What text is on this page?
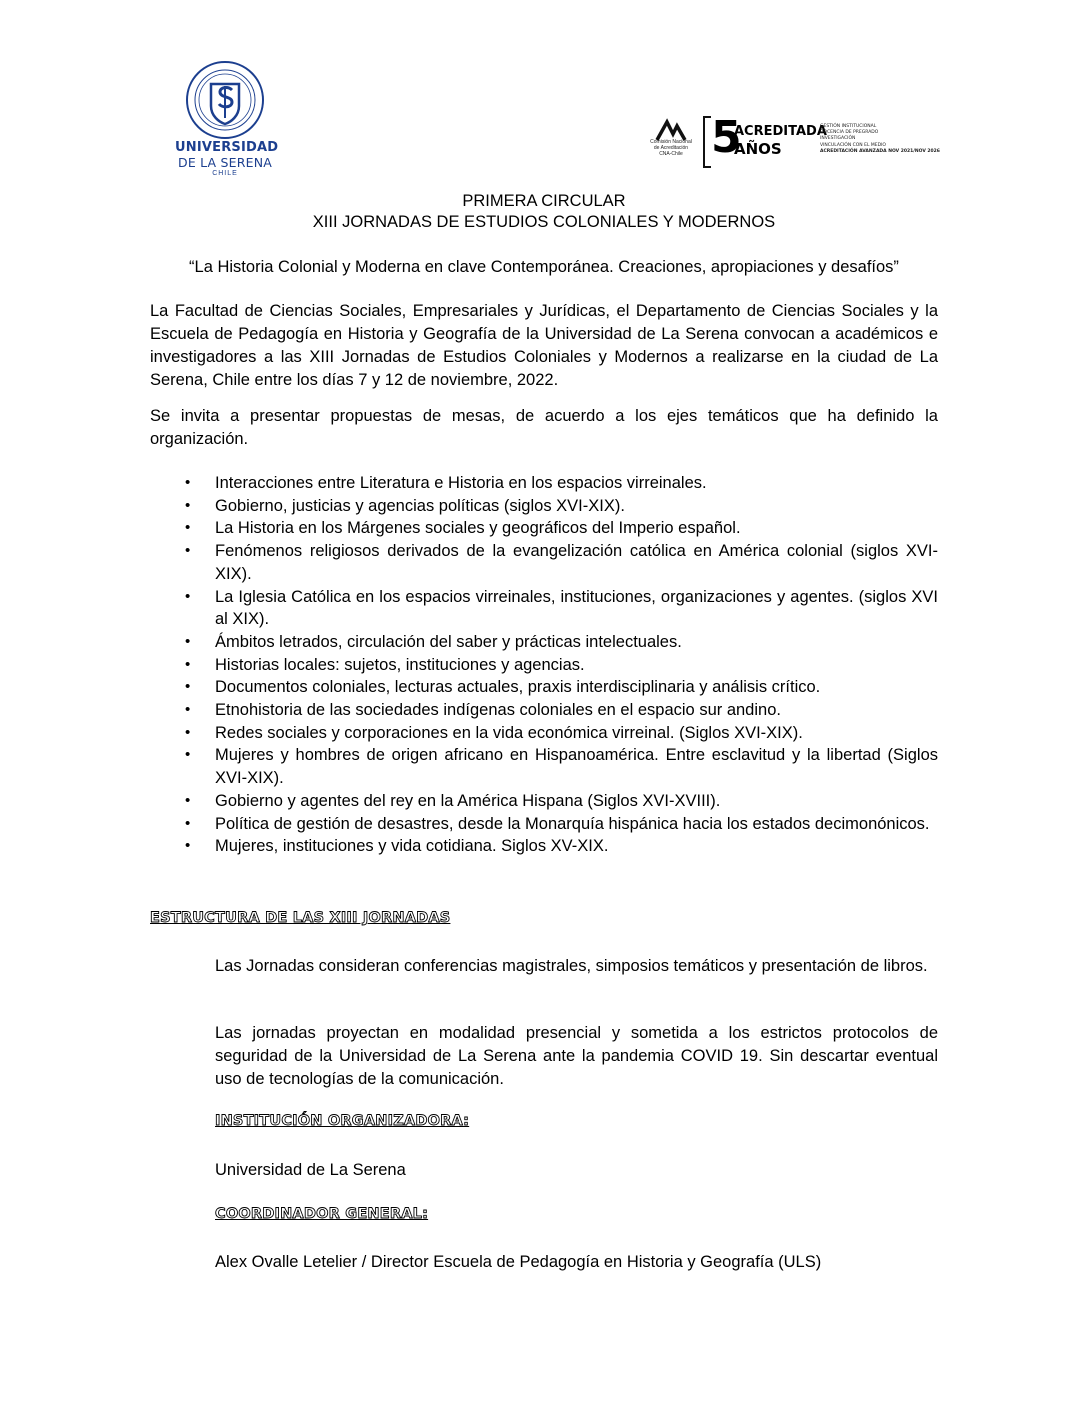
UNIVERSIDAD
DE LA SERENA
CHILE
Comisión Nacional
de Acreditación
CNA-Chile 5
ACREDITADA
AÑOS
GESTIÓN INSTITUCIONAL
DOCENCIA DE PREGRADO
INVESTIGACIÓN
VINCULACIÓN CON EL MEDIO
ACREDITACIÓN AVANZADA NOV 2021/NOV 2026
PRIMERA CIRCULAR
XIII JORNADAS DE ESTUDIOS COLONIALES Y MODERNOS
“La Historia Colonial y Moderna en clave Contemporánea. Creaciones, apropiaciones y desafíos”
La Facultad de Ciencias Sociales, Empresariales y Jurídicas, el Departamento de Ciencias Sociales y la Escuela de Pedagogía en Historia y Geografía de la Universidad de La Serena convocan a académicos e investigadores a las XIII Jornadas de Estudios Coloniales y Modernos a realizarse en la ciudad de La Serena, Chile entre los días 7 y 12 de noviembre, 2022.
Se invita a presentar propuestas de mesas, de acuerdo a los ejes temáticos que ha definido la organización.
• Interacciones entre Literatura e Historia en los espacios virreinales.
• Gobierno, justicias y agencias políticas (siglos XVI-XIX).
• La Historia en los Márgenes sociales y geográficos del Imperio español.
• Fenómenos religiosos derivados de la evangelización católica en América colonial (siglos XVI-XIX).
• La Iglesia Católica en los espacios virreinales, instituciones, organizaciones y agentes. (siglos XVI al XIX).
• Ámbitos letrados, circulación del saber y prácticas intelectuales.
• Historias locales: sujetos, instituciones y agencias.
• Documentos coloniales, lecturas actuales, praxis interdisciplinaria y análisis crítico.
• Etnohistoria de las sociedades indígenas coloniales en el espacio sur andino.
• Redes sociales y corporaciones en la vida económica virreinal. (Siglos XVI-XIX).
• Mujeres y hombres de origen africano en Hispanoamérica. Entre esclavitud y la libertad (Siglos XVI-XIX).
• Gobierno y agentes del rey en la América Hispana (Siglos XVI-XVIII).
• Política de gestión de desastres, desde la Monarquía hispánica hacia los estados decimonónicos.
• Mujeres, instituciones y vida cotidiana. Siglos XV-XIX.
ESTRUCTURA DE LAS XIII JORNADAS
Las Jornadas consideran conferencias magistrales, simposios temáticos y presentación de libros.
Las jornadas proyectan en modalidad presencial y sometida a los estrictos protocolos de seguridad de la Universidad de La Serena ante la pandemia COVID 19. Sin descartar eventual uso de tecnologías de la comunicación.
INSTITUCIÓN ORGANIZADORA:
Universidad de La Serena
COORDINADOR GENERAL:
Alex Ovalle Letelier / Director Escuela de Pedagogía en Historia y Geografía (ULS)
